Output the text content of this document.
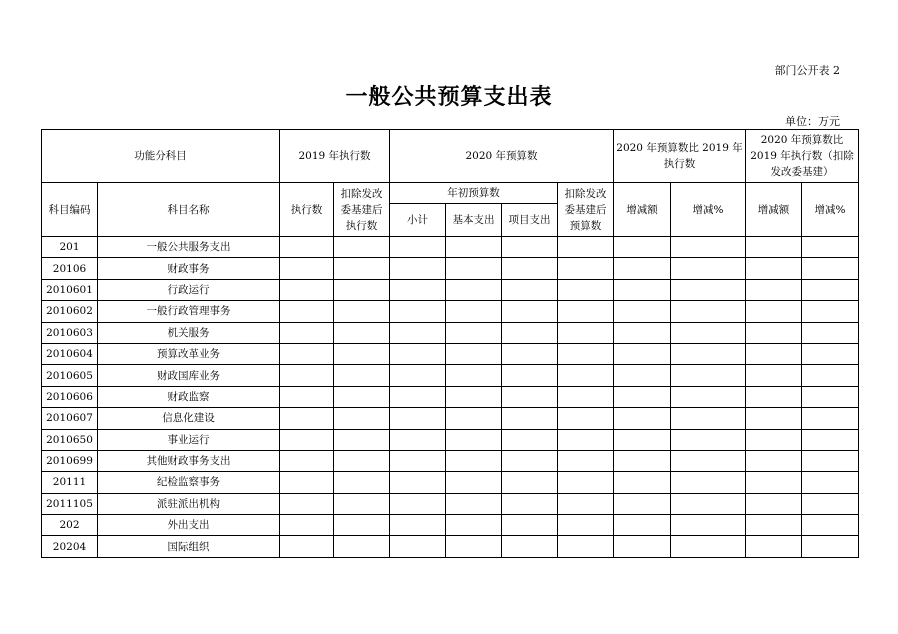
部门公开表 2
一般公共预算支出表
单位：万元
功能分科目		2019 年执行数		2020 年预算数				2020 年预算数比 2019 年执行数		2020 年预算数比 2019 年执行数（扣除发改委基建）	

科目编码	科目名称	执行数	扣除发改委基建后执行数	年初预算数			扣除发改委基建后预算数	增减额	增减%	增减额	增减%
				小计	基本支出	项目支出					
201	一般公共服务支出										
20106	财政事务										
2010601	行政运行										
2010602	一般行政管理事务										
2010603	机关服务										
2010604	预算改革业务										
2010605	财政国库业务										
2010606	财政监察										
2010607	信息化建设										
2010650	事业运行										
2010699	其他财政事务支出										
20111	纪检监察事务										
2011105	派驻派出机构										
202	外出支出										
20204	国际组织										
